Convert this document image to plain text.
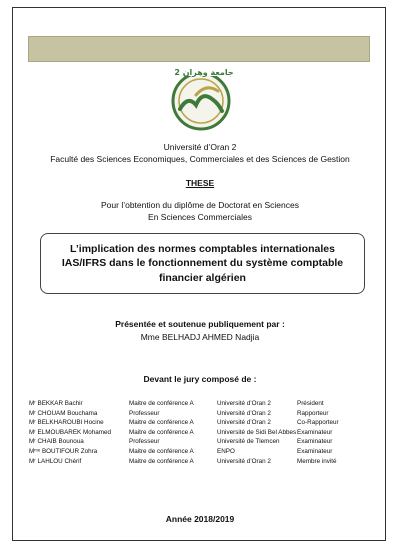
جامعة وهران 2
Université d’Oran 2
Faculté des Sciences Economiques, Commerciales et des Sciences de Gestion
THESE
Pour l’obtention du diplôme de Doctorat en Sciences
En Sciences Commerciales
L’implication des normes comptables internationales
IAS/IFRS dans le fonctionnement du système comptable
financier algérien
Présentée et soutenue publiquement par :
Mme BELHADJ AHMED Nadjia
Devant le jury composé de :
Mʳ BEKKAR Bachir	Maitre de conférence A	Université d’Oran 2	Président
Mʳ CHOUAM Bouchama	Professeur	Université d’Oran 2	Rapporteur
Mʳ BELKHAROUBI Hocine	Maitre de conférence A	Université d’Oran 2	Co-Rapporteur
Mʳ ELMOUBAREK Mohamed	Maitre de conférence A	Université de Sidi Bel Abbes	Examinateur
Mʳ CHAIB Bounoua	Professeur	Université de Tlemcen	Examinateur
Mᵐᵉ BOUTIFOUR Zohra	Maitre de conférence A	ENPO	Examinateur
Mʳ LAHLOU Chérif	Maitre de conférence A	Université d’Oran 2	Membre invité
Année 2018/2019
